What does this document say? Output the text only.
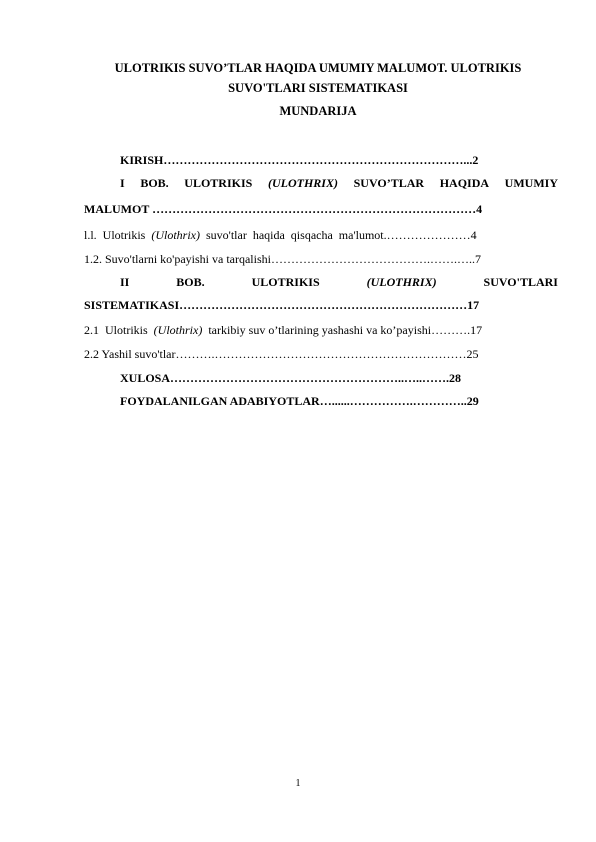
ULOTRIKIS SUVO’TLAR HAQIDA UMUMIY MALUMOT. ULOTRIKIS
SUVO'TLARI SISTEMATIKASI
MUNDARIJA
KIRISH…………………………………………………………………...2
I BOB. ULOTRIKIS (ULOTHRIX) SUVO’TLAR HAQIDA UMUMIY
MALUMOT ………………………………………………………………………4
l.l.  Ulotrikis  (Ulothrix)  suvo'tlar  haqida  qisqacha  ma'lumot.…………………4
1.2. Suvo'tlarni ko'payishi va tarqalishi………………………………….…….…..7
II	BOB.	ULOTRIKIS	(ULOTHRIX)	SUVO'TLARI
SISTEMATIKASI………………………………………………………………17
2.1  Ulotrikis  (Ulothrix)  tarkibiy suv o’tlarining yashashi va ko’payishi……….17
2.2 Yashil suvo'tlar……….………………………………………………………25
XULOSA…………………………………………………..…..…….28
FOYDALANILGAN ADABIYOTLAR…......…………….…………..29
1
